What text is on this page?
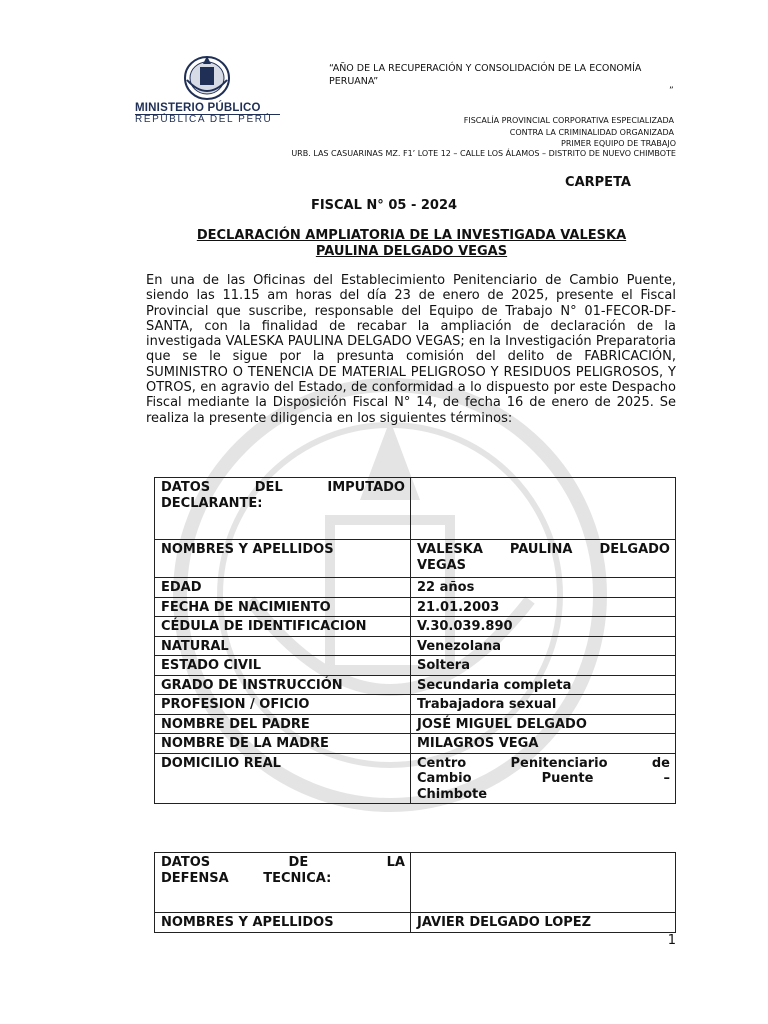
MINISTERIO PÚBLICO
REPÚBLICA DEL PERÚ
“AÑO DE LA RECUPERACIÓN Y CONSOLIDACIÓN DE LA ECONOMÍA PERUANA”
”
FISCALÍA PROVINCIAL CORPORATIVA ESPECIALIZADA
CONTRA LA CRIMINALIDAD ORGANIZADA
PRIMER EQUIPO DE TRABAJO
URB. LAS CASUARINAS MZ. F1’ LOTE 12 – CALLE LOS ÁLAMOS – DISTRITO DE NUEVO CHIMBOTE
CARPETA
FISCAL N° 05 - 2024
DECLARACIÓN AMPLIATORIA DE LA INVESTIGADA VALESKA PAULINA DELGADO VEGAS
En una de las Oficinas del Establecimiento Penitenciario de Cambio Puente, siendo las 11.15 am horas del día 23 de enero de 2025, presente el Fiscal Provincial que suscribe, responsable del Equipo de Trabajo N° 01-FECOR-DF-SANTA, con la finalidad de recabar la ampliación de declaración de la investigada VALESKA PAULINA DELGADO VEGAS; en la Investigación Preparatoria que se le sigue por la presunta comisión del delito de FABRICACIÓN, SUMINISTRO O TENENCIA DE MATERIAL PELIGROSO Y RESIDUOS PELIGROSOS, Y OTROS, en agravio del Estado, de conformidad a lo dispuesto por este Despacho Fiscal mediante la Disposición Fiscal N° 14, de fecha 16 de enero de 2025. Se realiza la presente diligencia en los siguientes términos:
DATOS DEL IMPUTADO DECLARANTE:	

NOMBRES Y APELLIDOS	VALESKA PAULINA DELGADO VEGAS

EDAD	22 años
FECHA DE NACIMIENTO	21.01.2003
CÉDULA DE IDENTIFICACION	V.30.039.890
NATURAL	Venezolana
ESTADO CIVIL	Soltera
GRADO DE INSTRUCCIÓN	Secundaria completa
PROFESION / OFICIO	Trabajadora sexual
NOMBRE DEL PADRE	JOSÉ MIGUEL DELGADO
NOMBRE DE LA MADRE	MILAGROS VEGA
DOMICILIO REAL	Centro Penitenciario de Cambio Puente – Chimbote
DATOS DE LA DEFENSA TECNICA:	

NOMBRES Y APELLIDOS	JAVIER DELGADO LOPEZ
1
